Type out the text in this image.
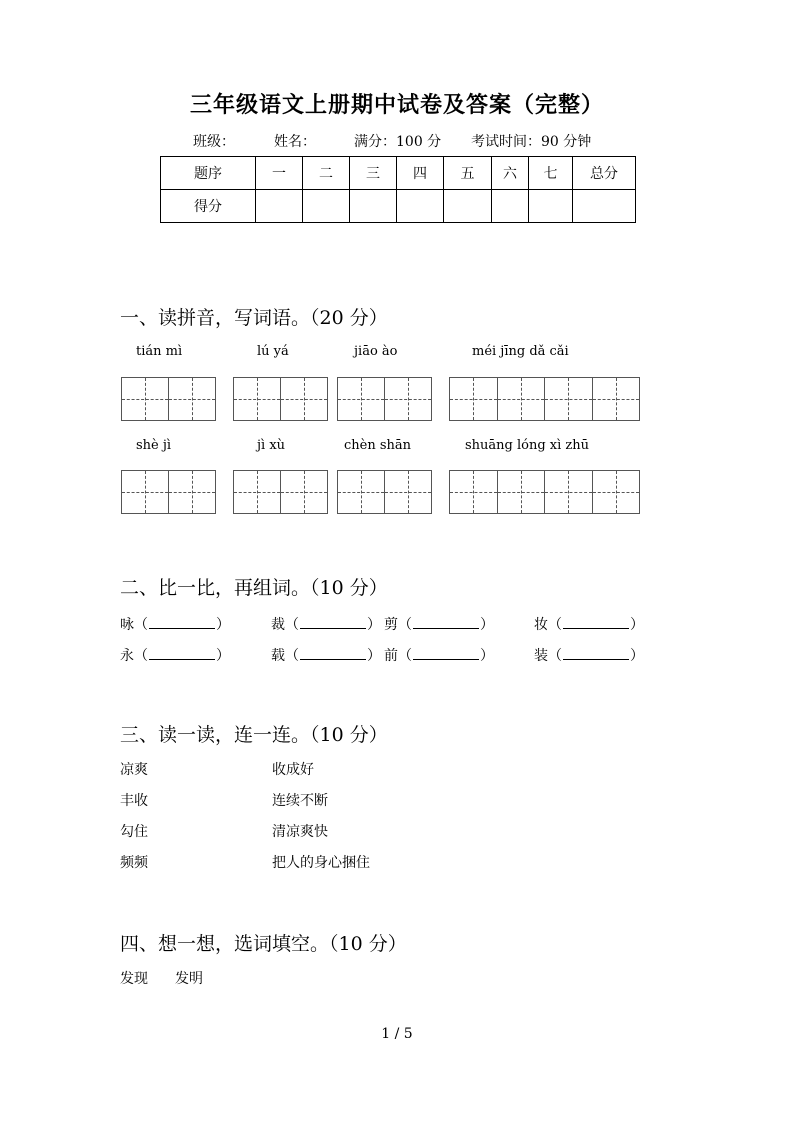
三年级语文上册期中试卷及答案（完整）
班级：	姓名：	满分：100 分 考试时间：90 分钟
题序	一	二	三	四	五	六	七	总分
得分								
一、读拼音，写词语。（20 分）
tián mì	lú yá	jiāo ào	méi jīng dǎ cǎi
shè jì	jì xù	chèn shān	shuāng lóng xì zhū
二、比一比，再组词。（10 分）
咏（	）	裁（	） 剪（	）	妆（	）
永（	）	载（	） 前（	）	装（	）
三、读一读，连一连。（10 分）
凉爽	收成好
丰收	连续不断
勾住	清凉爽快
频频	把人的身心捆住
四、想一想，选词填空。（10 分）
发现 发明
1 / 5
